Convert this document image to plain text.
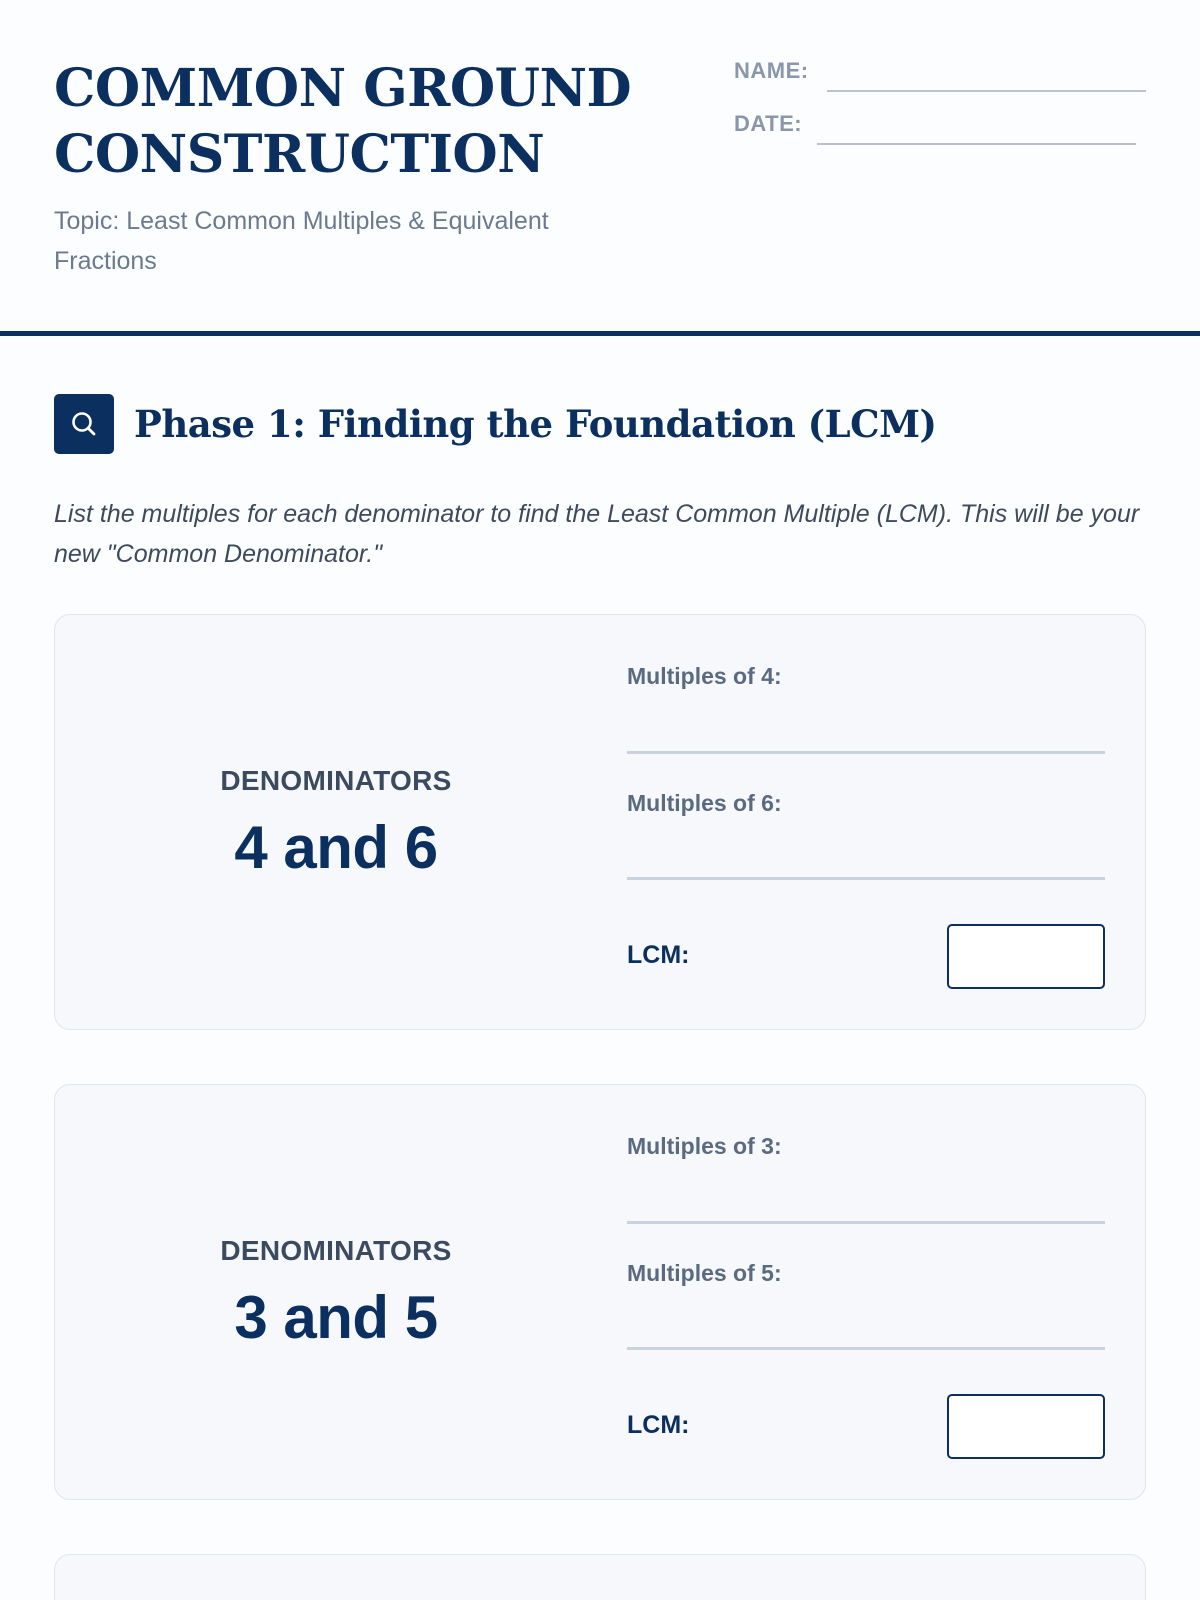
COMMON GROUND CONSTRUCTION
Topic: Least Common Multiples & Equivalent Fractions
NAME:
DATE:
Phase 1: Finding the Foundation (LCM)

List the multiples for each denominator to find the Least Common Multiple (LCM). This will be your new "Common Denominator."

DENOMINATORS
4 and 6
Multiples of 4:
Multiples of 6:
LCM:
DENOMINATORS
3 and 5
Multiples of 3:
Multiples of 5:
LCM:
